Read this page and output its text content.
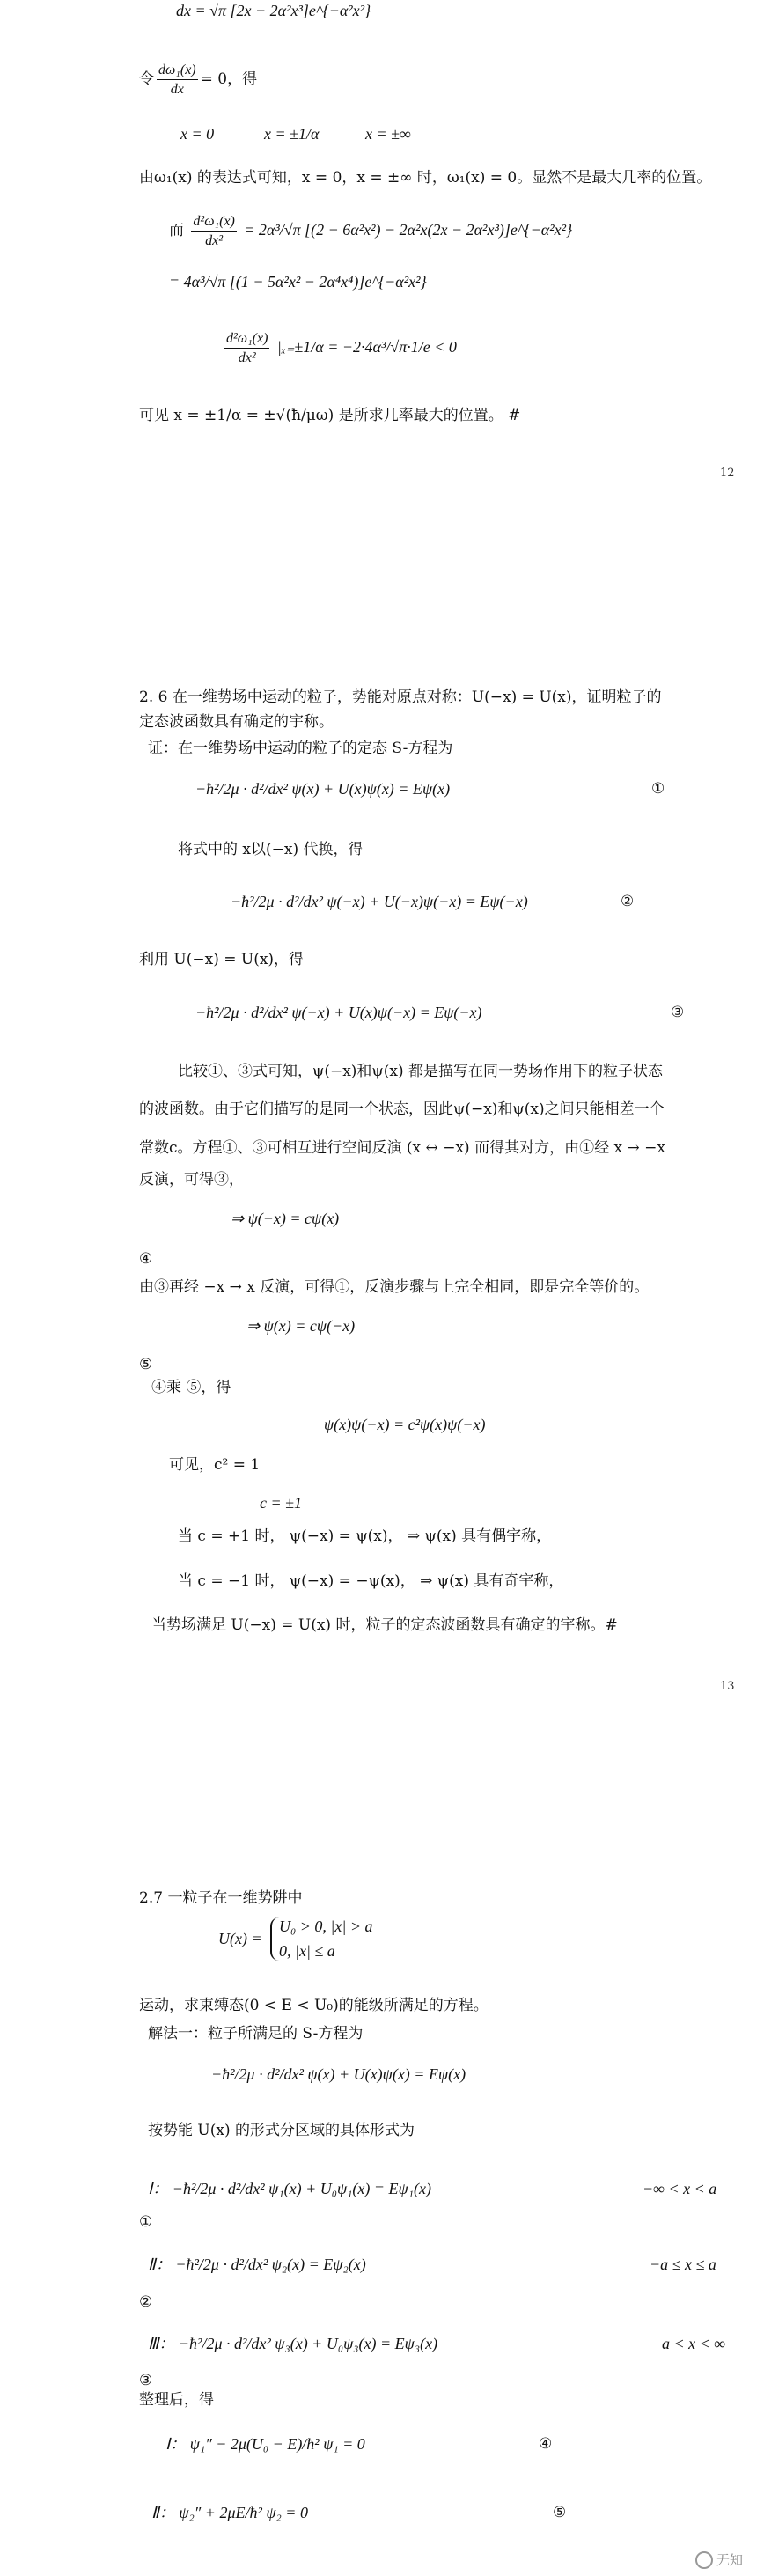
dx = √π [2x − 2α²x³]e^{−α²x²}
令 $\frac{\text{dω₁(x)}}{dx} = 0$，得
x = 0	x = ±1/α	x = ±∞
由ω₁(x) 的表达式可知，x = 0，x = ±∞ 时，ω₁(x) = 0。显然不是最大几率的位置。
而 $\frac{\text{d²ω₁(x)}}{\text{dx²}} = 2\alpha^3/√\pi$ [(2 − 6α²x²) − 2α²x(2x − 2α²x³)]e^{−α²x²}
= 4α³/√π [(1 − 5α²x² − 2α⁴x⁴)]e^{−α²x²}
$\frac{\text{d²ω₁(x)}}{\text{dx²}} |_{x=}\pm 1/\alpha = -2\cdot 4\alpha^3/√\pi\cdot 1/e < 0$
可见 x = ±1/α = ±√(ħ/μω) 是所求几率最大的位置。 #
12
2. 6 在一维势场中运动的粒子，势能对原点对称：U(−x) = U(x)，证明粒子的
定态波函数具有确定的宇称。
证：在一维势场中运动的粒子的定态 S-方程为
−ħ²/2μ · d²/dx² ψ(x) + U(x)ψ(x) = Eψ(x)	①
将式中的 x以(−x) 代换，得
−ħ²/2μ · d²/dx² ψ(−x) + U(−x)ψ(−x) = Eψ(−x)	②
利用 U(−x) = U(x)，得
−ħ²/2μ · d²/dx² ψ(−x) + U(x)ψ(−x) = Eψ(−x)	③
比较①、③式可知，ψ(−x)和ψ(x) 都是描写在同一势场作用下的粒子状态
的波函数。由于它们描写的是同一个状态，因此ψ(−x)和ψ(x)之间只能相差一个
常数c。方程①、③可相互进行空间反演 (x ↔ −x) 而得其对方，由①经 x → −x
反演，可得③，
⇒ ψ(−x) = cψ(x)
④
由③再经 −x → x 反演，可得①，反演步骤与上完全相同，即是完全等价的。
⇒ ψ(x) = cψ(−x)
⑤
④乘 ⑤，得
ψ(x)ψ(−x) = c²ψ(x)ψ(−x)
可见，c² = 1
c = ±1
当 c = +1 时， ψ(−x) = ψ(x)， ⇒ ψ(x) 具有偶宇称，
当 c = −1 时， ψ(−x) = −ψ(x)， ⇒ ψ(x) 具有奇宇称，
当势场满足 U(−x) = U(x) 时，粒子的定态波函数具有确定的宇称。#
13
2.7 一粒子在一维势阱中
U(x) =
U₀ > 0, |x| > a
0, |x| ≤ a
运动，求束缚态(0 < E < U₀)的能级所满足的方程。
解法一：粒子所满足的 S-方程为
−ħ²/2μ · d²/dx² ψ(x) + U(x)ψ(x) = Eψ(x)
按势能 U(x) 的形式分区域的具体形式为
Ⅰ： −ħ²/2μ · d²/dx² ψ₁(x) + U₀ψ₁(x) = Eψ₁(x)	−∞ < x < a
①
Ⅱ： −ħ²/2μ · d²/dx² ψ₂(x) = Eψ₂(x)	−a ≤ x ≤ a
②
Ⅲ： −ħ²/2μ · d²/dx² ψ₃(x) + U₀ψ₃(x) = Eψ₃(x)	a < x < ∞
③
整理后，得
Ⅰ： ψ₁″ − 2μ(U₀ − E)/ħ² ψ₁ = 0	④
Ⅱ： ψ₂″ + 2μE/ħ² ψ₂ = 0	⑤
无知
